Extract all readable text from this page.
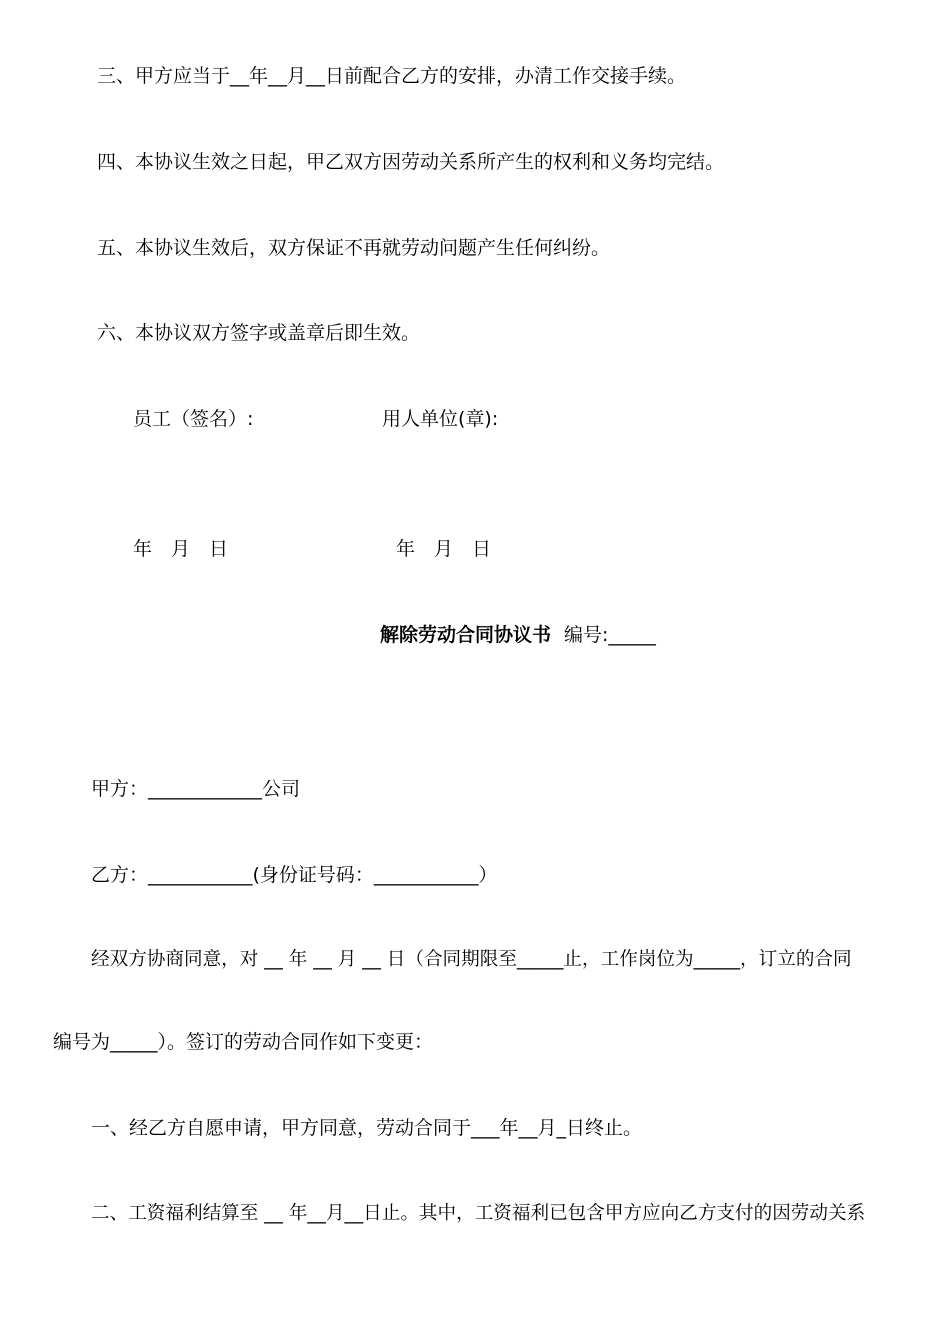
三、甲方应当于__年__月__日前配合乙方的安排，办清工作交接手续。
四、本协议生效之日起，甲乙双方因劳动关系所产生的权利和义务均完结。
五、本协议生效后，双方保证不再就劳动问题产生任何纠纷。
六、本协议双方签字或盖章后即生效。
员工（签名）:	用人单位(章):
年　月　日	年　月　日
解除劳动合同协议书 编号:_____
甲方：____________公司
乙方：___________(身份证号码：___________）
经双方协商同意，对 __ 年 __ 月 __ 日（合同期限至_____止，工作岗位为_____，订立的合同
编号为_____）。签订的劳动合同作如下变更：
一、经乙方自愿申请，甲方同意，劳动合同于___年__月_日终止。
二、工资福利结算至 __ 年__月__日止。其中，工资福利已包含甲方应向乙方支付的因劳动关系
